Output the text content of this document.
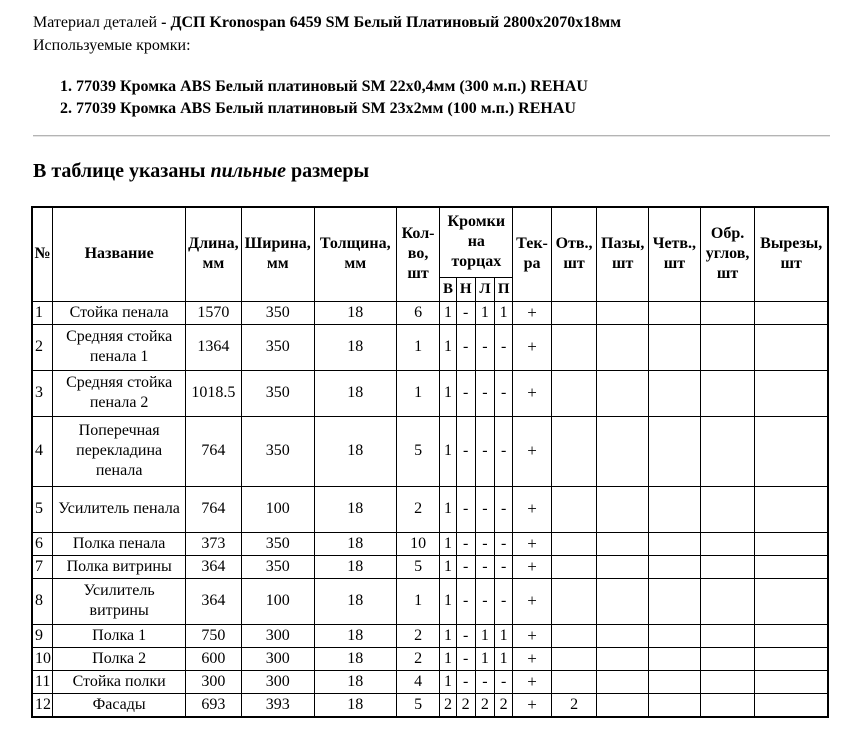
Материал деталей - ДСП Kronospan 6459 SM Белый Платиновый 2800x2070x18мм
Используемые кромки:
1. 77039 Кромка ABS Белый платиновый SM 22x0,4мм (300 м.п.) REHAU
2. 77039 Кромка ABS Белый платиновый SM 23x2мм (100 м.п.) REHAU
В таблице указаны пильные размеры
№	Название	Длина, мм	Ширина, мм	Толщина, мм	Кол-во, шт	Кромки на торцах				Тек-ра	Отв., шт	Пазы, шт	Четв., шт	Обр. углов, шт	Вырезы, шт
						В	Н	Л	П						
1	Стойка пенала	1570	350	18	6	1	-	1	1	+					
2	Средняя стойка пенала 1	1364	350	18	1	1	-	-	-	+					
3	Средняя стойка пенала 2	1018.5	350	18	1	1	-	-	-	+					
4	Поперечная перекладина пенала	764	350	18	5	1	-	-	-	+					
5	Усилитель пенала	764	100	18	2	1	-	-	-	+					
6	Полка пенала	373	350	18	10	1	-	-	-	+					
7	Полка витрины	364	350	18	5	1	-	-	-	+					
8	Усилитель витрины	364	100	18	1	1	-	-	-	+					
9	Полка 1	750	300	18	2	1	-	1	1	+					
10	Полка 2	600	300	18	2	1	-	1	1	+					
11	Стойка полки	300	300	18	4	1	-	-	-	+					
12	Фасады	693	393	18	5	2	2	2	2	+	2				
